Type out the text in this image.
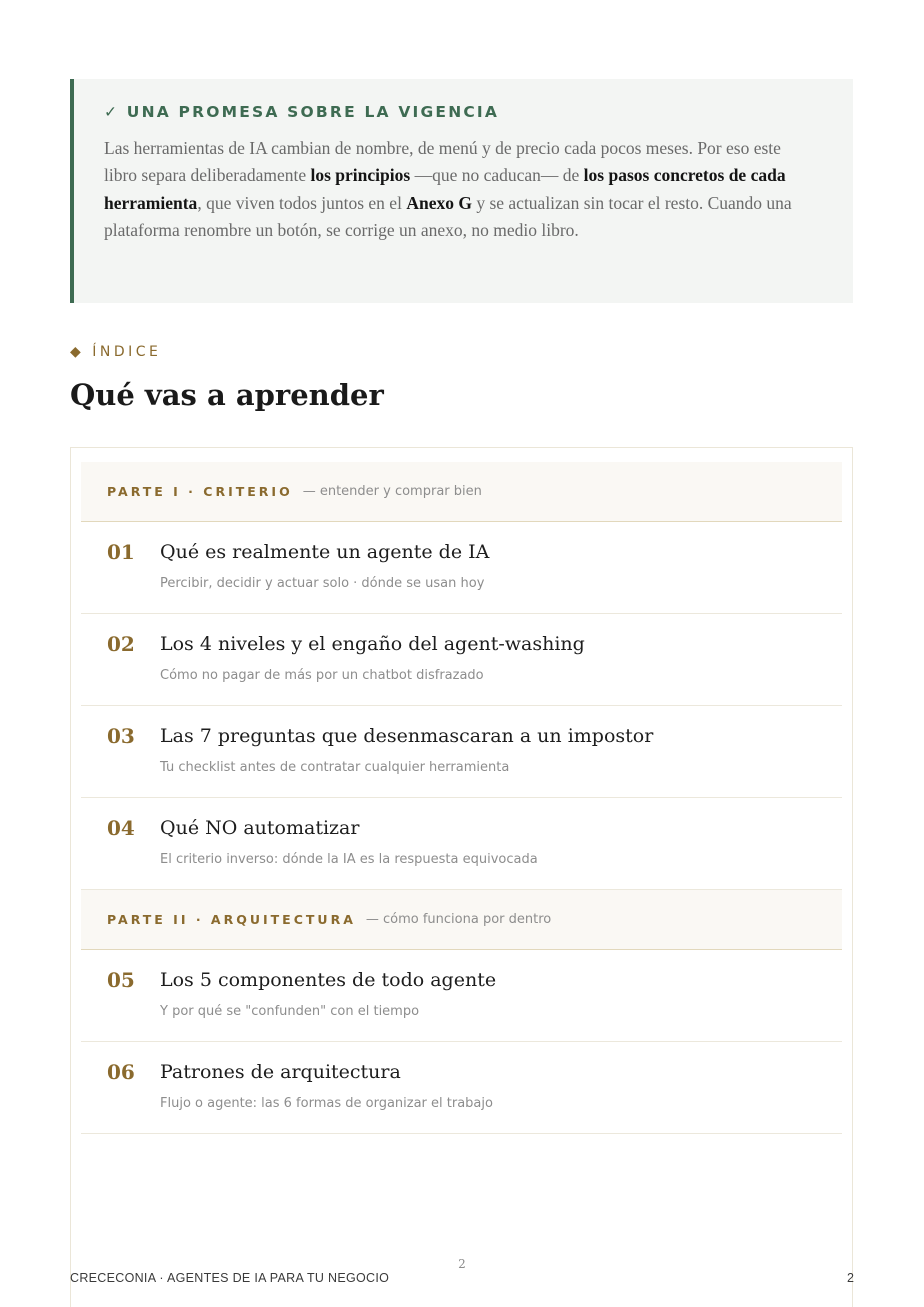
✓ UNA PROMESA SOBRE LA VIGENCIA

Las herramientas de IA cambian de nombre, de menú y de precio cada pocos meses. Por eso este libro separa deliberadamente los principios —que no caducan— de los pasos concretos de cada herramienta, que viven todos juntos en el Anexo G y se actualizan sin tocar el resto. Cuando una plataforma renombre un botón, se corrige un anexo, no medio libro.

◆ ÍNDICE
Qué vas a aprender
PARTE I · CRITERIO — entender y comprar bien
01 Qué es realmente un agente de IA
Percibir, decidir y actuar solo · dónde se usan hoy
02 Los 4 niveles y el engaño del agent-washing
Cómo no pagar de más por un chatbot disfrazado
03 Las 7 preguntas que desenmascaran a un impostor
Tu checklist antes de contratar cualquier herramienta
04 Qué NO automatizar
El criterio inverso: dónde la IA es la respuesta equivocada
PARTE II · ARQUITECTURA — cómo funciona por dentro
05 Los 5 componentes de todo agente
Y por qué se "confunden" con el tiempo
06 Patrones de arquitectura
Flujo o agente: las 6 formas de organizar el trabajo
2
CRECECONIA · AGENTES DE IA PARA TU NEGOCIO	2
